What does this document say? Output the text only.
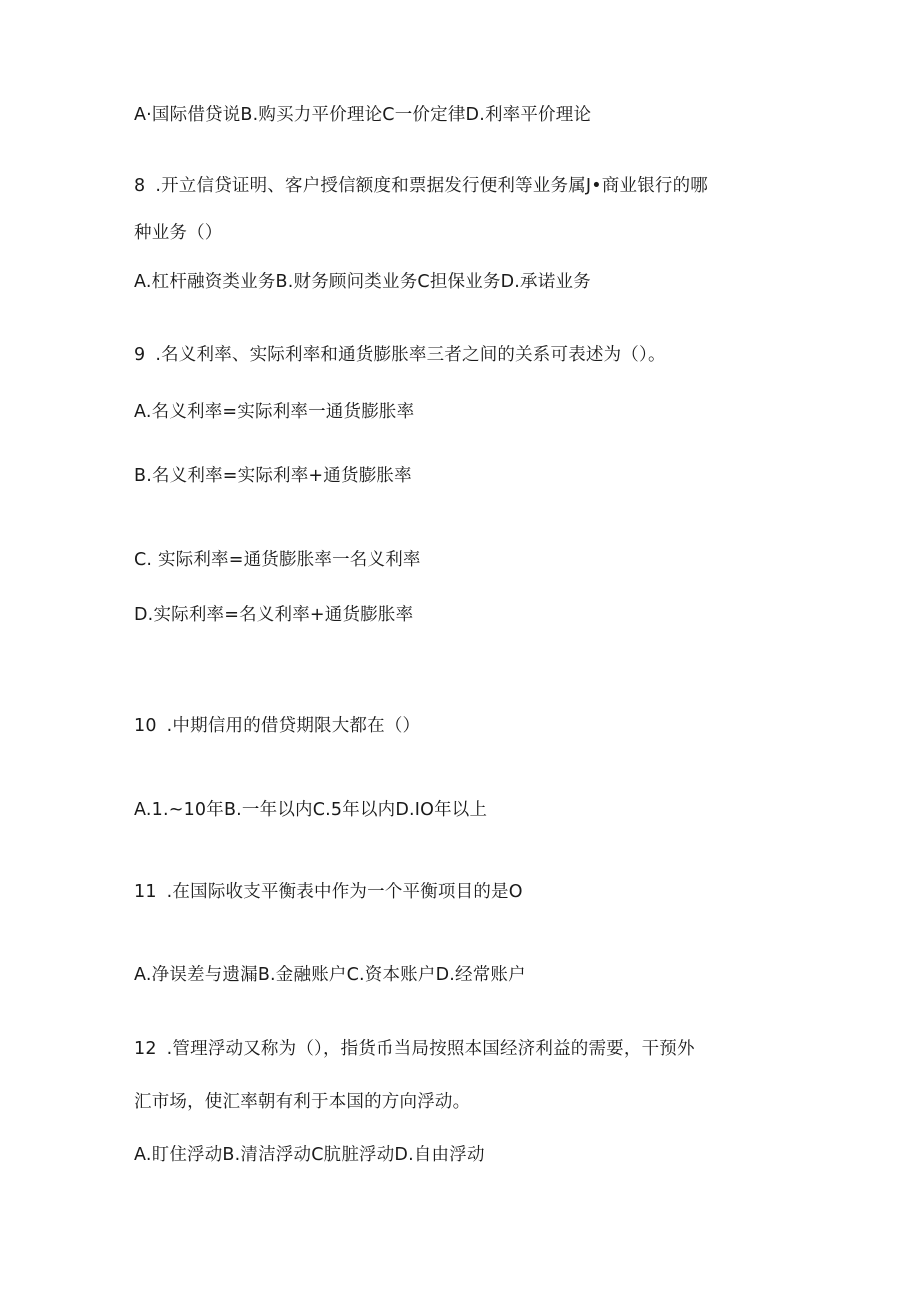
A·国际借贷说B.购买力平价理论C一价定律D.利率平价理论
8 .开立信贷证明、客户授信额度和票据发行便利等业务属J•商业银行的哪
种业务（）
A.杠杆融资类业务B.财务顾问类业务C担保业务D.承诺业务
9 .名义利率、实际利率和通货膨胀率三者之间的关系可表述为（）。
A.名义利率=实际利率一通货膨胀率
B.名义利率=实际利率+通货膨胀率
C. 实际利率=通货膨胀率一名义利率
D.实际利率=名义利率+通货膨胀率
10 .中期信用的借贷期限大都在（）
A.1.~10年B.一年以内C.5年以内D.IO年以上
11 .在国际收支平衡表中作为一个平衡项目的是O
A.净误差与遗漏B.金融账户C.资本账户D.经常账户
12 .管理浮动又称为（），指货币当局按照本国经济利益的需要，干预外
汇市场，使汇率朝有利于本国的方向浮动。
A.盯住浮动B.清洁浮动C肮脏浮动D.自由浮动
